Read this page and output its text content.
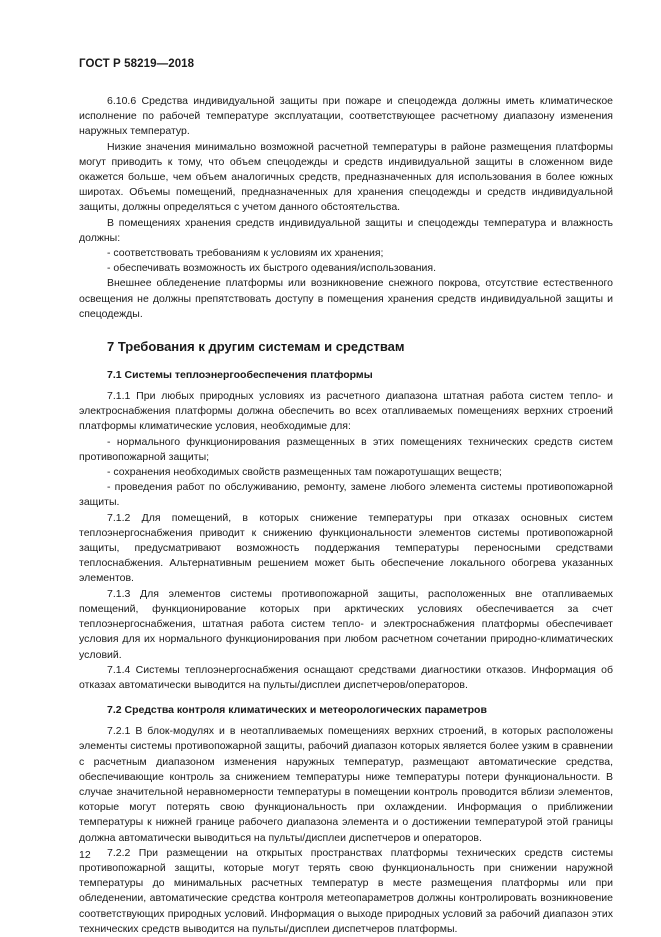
ГОСТ Р 58219—2018

6.10.6 Средства индивидуальной защиты при пожаре и спецодежда должны иметь климатическое исполнение по рабочей температуре эксплуатации, соответствующее расчетному диапазону изменения наружных температур.

Низкие значения минимально возможной расчетной температуры в районе размещения платформы могут приводить к тому, что объем спецодежды и средств индивидуальной защиты в сложенном виде окажется больше, чем объем аналогичных средств, предназначенных для использования в более южных широтах. Объемы помещений, предназначенных для хранения спецодежды и средств индивидуальной защиты, должны определяться с учетом данного обстоятельства.

В помещениях хранения средств индивидуальной защиты и спецодежды температура и влажность должны:

- соответствовать требованиям к условиям их хранения;

- обеспечивать возможность их быстрого одевания/использования.

Внешнее обледенение платформы или возникновение снежного покрова, отсутствие естественного освещения не должны препятствовать доступу в помещения хранения средств индивидуальной защиты и спецодежды.

7 Требования к другим системам и средствам
7.1 Системы теплоэнергообеспечения платформы

7.1.1 При любых природных условиях из расчетного диапазона штатная работа систем тепло- и электроснабжения платформы должна обеспечить во всех отапливаемых помещениях верхних строений платформы климатические условия, необходимые для:

- нормального функционирования размещенных в этих помещениях технических средств систем противопожарной защиты;

- сохранения необходимых свойств размещенных там пожаротушащих веществ;

- проведения работ по обслуживанию, ремонту, замене любого элемента системы противопожарной защиты.

7.1.2 Для помещений, в которых снижение температуры при отказах основных систем теплоэнергоснабжения приводит к снижению функциональности элементов системы противопожарной защиты, предусматривают возможность поддержания температуры переносными средствами теплоснабжения. Альтернативным решением может быть обеспечение локального обогрева указанных элементов.

7.1.3 Для элементов системы противопожарной защиты, расположенных вне отапливаемых помещений, функционирование которых при арктических условиях обеспечивается за счет теплоэнергоснабжения, штатная работа систем тепло- и электроснабжения платформы обеспечивает условия для их нормального функционирования при любом расчетном сочетании природно-климатических условий.

7.1.4 Системы теплоэнергоснабжения оснащают средствами диагностики отказов. Информация об отказах автоматически выводится на пульты/дисплеи диспетчеров/операторов.

7.2 Средства контроля климатических и метеорологических параметров

7.2.1 В блок-модулях и в неотапливаемых помещениях верхних строений, в которых расположены элементы системы противопожарной защиты, рабочий диапазон которых является более узким в сравнении с расчетным диапазоном изменения наружных температур, размещают автоматические средства, обеспечивающие контроль за снижением температуры ниже температуры потери функциональности. В случае значительной неравномерности температуры в помещении контроль проводится вблизи элементов, которые могут потерять свою функциональность при охлаждении. Информация о приближении температуры к нижней границе рабочего диапазона элемента и о достижении температурой этой границы должна автоматически выводиться на пульты/дисплеи диспетчеров и операторов.

7.2.2 При размещении на открытых пространствах платформы технических средств системы противопожарной защиты, которые могут терять свою функциональность при снижении наружной температуры до минимальных расчетных температур в месте размещения платформы или при обледенении, автоматические средства контроля метеопараметров должны контролировать возникновение соответствующих природных условий. Информация о выходе природных условий за рабочий диапазон этих технических средств выводится на пульты/дисплеи диспетчеров платформы.

12
